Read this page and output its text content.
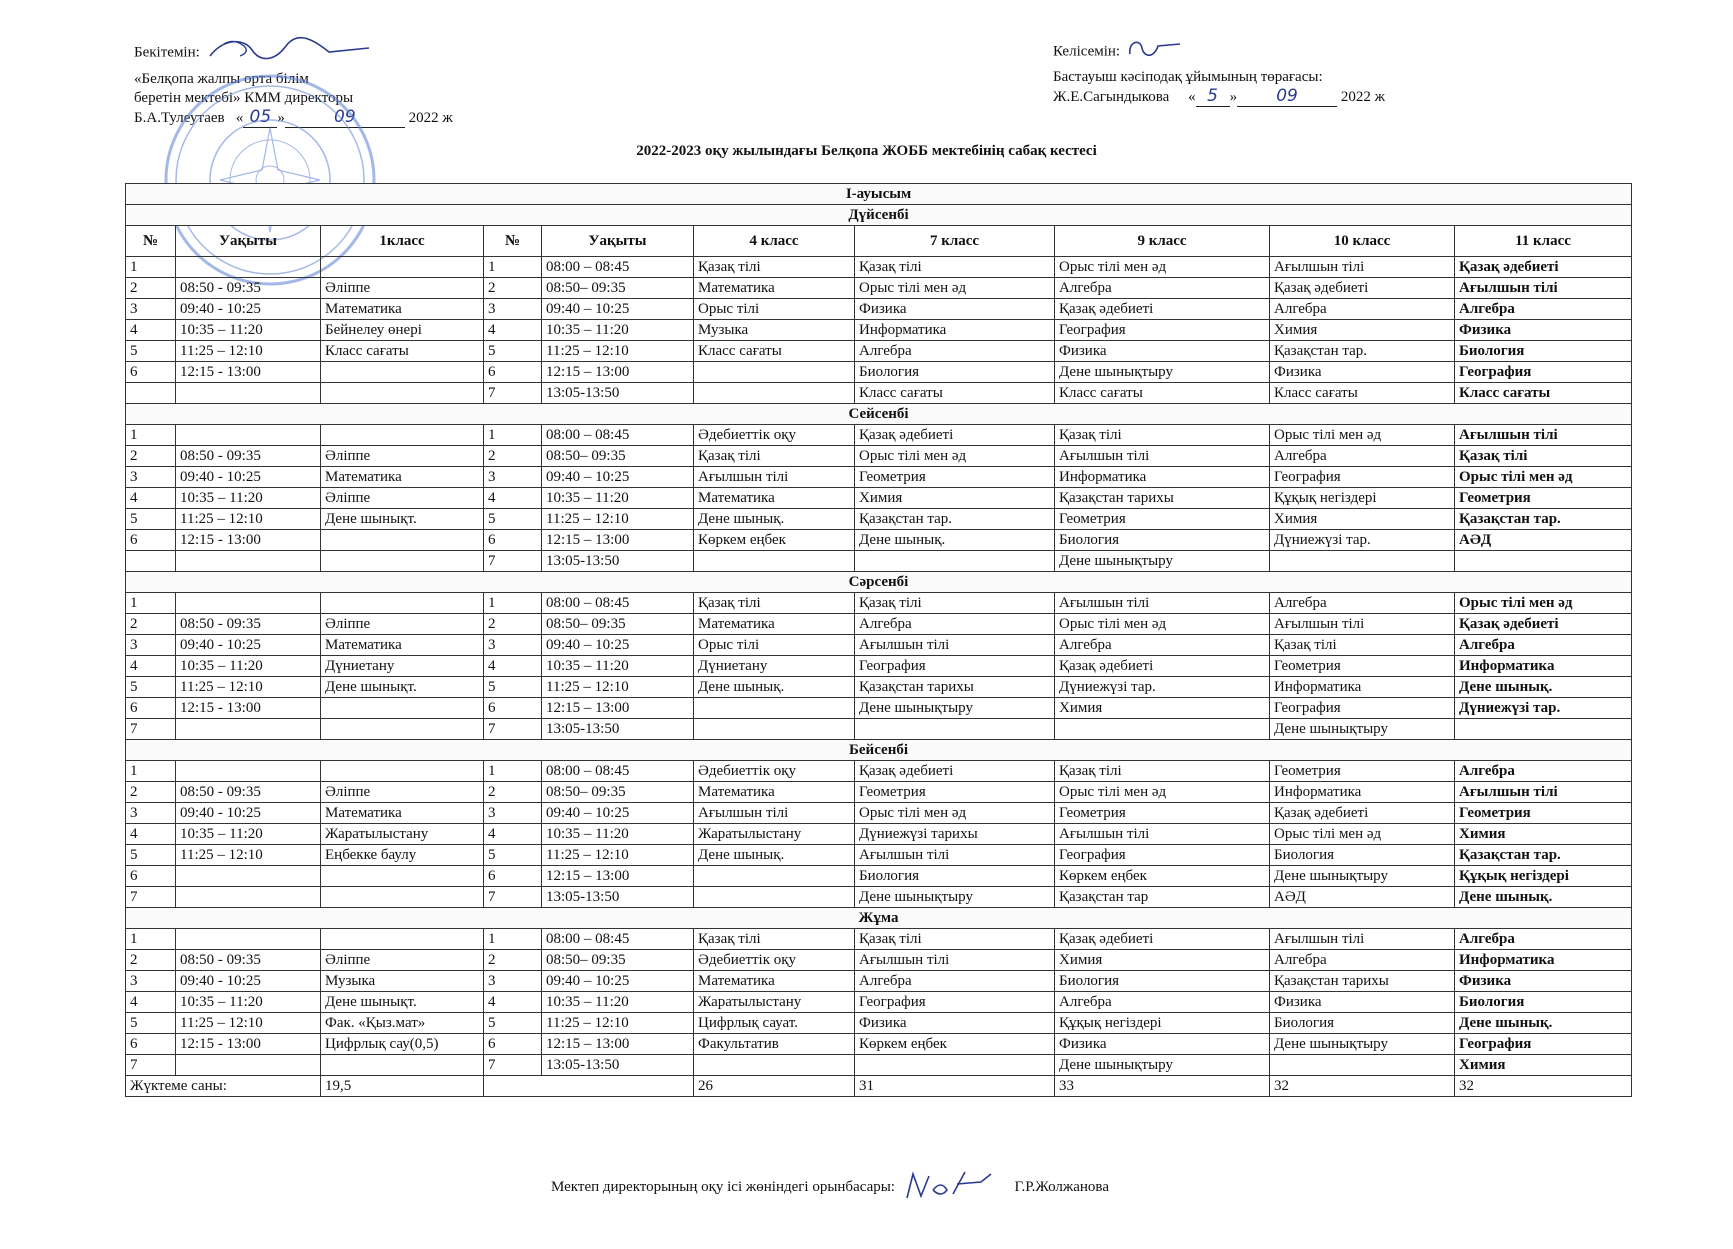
Бекітемін:
«Белқопа жалпы орта білім
беретін мектебі» КММ директоры
Б.А.Тулеутаев   « 05 »	09	2022 ж
Келісемін:
Бастауыш кәсіподақ ұйымының төрағасы:
Ж.Е.Сагындыкова     « 5 » 09	2022 ж
2022-2023 оқу жылындағы Белқопа ЖОББ мектебінің сабақ кестесі
І-ауысым									
Дүйсенбі									
№	Уақыты	1класс	№	Уақыты	4 класс	7 класс	9 класс	10 класс	11 класс
1			1	08:00 – 08:45	Қазақ тілі	Қазақ тілі	Орыс тілі мен әд	Ағылшын тілі	Қазақ әдебиеті
2	08:50 - 09:35	Әліппе	2	08:50– 09:35	Математика	Орыс тілі мен әд	Алгебра	Қазақ әдебиеті	Ағылшын тілі
3	09:40 - 10:25	Математика	3	09:40 – 10:25	Орыс тілі	Физика	Қазақ әдебиеті	Алгебра	Алгебра
4	10:35 – 11:20	Бейнелеу өнері	4	10:35 – 11:20	Музыка	Информатика	География	Химия	Физика
5	11:25 – 12:10	Класс сағаты	5	11:25 – 12:10	Класс сағаты	Алгебра	Физика	Қазақстан тар.	Биология
6	12:15 - 13:00		6	12:15 – 13:00		Биология	Дене шынықтыру	Физика	География
			7	13:05-13:50		Класс сағаты	Класс сағаты	Класс сағаты	Класс сағаты
Сейсенбі									
1			1	08:00 – 08:45	Әдебиеттік оқу	Қазақ әдебиеті	Қазақ тілі	Орыс тілі мен әд	Ағылшын тілі
2	08:50 - 09:35	Әліппе	2	08:50– 09:35	Қазақ тілі	Орыс тілі мен әд	Ағылшын тілі	Алгебра	Қазақ тілі
3	09:40 - 10:25	Математика	3	09:40 – 10:25	Ағылшын тілі	Геометрия	Информатика	География	Орыс тілі мен әд
4	10:35 – 11:20	Әліппе	4	10:35 – 11:20	Математика	Химия	Қазақстан тарихы	Құқық негіздері	Геометрия
5	11:25 – 12:10	Дене шынықт.	5	11:25 – 12:10	Дене шынық.	Қазақстан тар.	Геометрия	Химия	Қазақстан тар.
6	12:15 - 13:00		6	12:15 – 13:00	Көркем еңбек	Дене шынық.	Биология	Дүниежүзі тар.	АӘД
			7	13:05-13:50			Дене шынықтыру		
Сәрсенбі									
1			1	08:00 – 08:45	Қазақ тілі	Қазақ тілі	Ағылшын тілі	Алгебра	Орыс тілі мен әд
2	08:50 - 09:35	Әліппе	2	08:50– 09:35	Математика	Алгебра	Орыс тілі мен әд	Ағылшын тілі	Қазақ әдебиеті
3	09:40 - 10:25	Математика	3	09:40 – 10:25	Орыс тілі	Ағылшын тілі	Алгебра	Қазақ тілі	Алгебра
4	10:35 – 11:20	Дүниетану	4	10:35 – 11:20	Дүниетану	География	Қазақ әдебиеті	Геометрия	Информатика
5	11:25 – 12:10	Дене шынықт.	5	11:25 – 12:10	Дене шынық.	Қазақстан тарихы	Дүниежүзі тар.	Информатика	Дене шынық.
6	12:15 - 13:00		6	12:15 – 13:00		Дене шынықтыру	Химия	География	Дүниежүзі тар.
7			7	13:05-13:50				Дене шынықтыру	
Бейсенбі									
1			1	08:00 – 08:45	Әдебиеттік оқу	Қазақ әдебиеті	Қазақ тілі	Геометрия	Алгебра
2	08:50 - 09:35	Әліппе	2	08:50– 09:35	Математика	Геометрия	Орыс тілі мен әд	Информатика	Ағылшын тілі
3	09:40 - 10:25	Математика	3	09:40 – 10:25	Ағылшын тілі	Орыс тілі мен әд	Геометрия	Қазақ әдебиеті	Геометрия
4	10:35 – 11:20	Жаратылыстану	4	10:35 – 11:20	Жаратылыстану	Дүниежүзі тарихы	Ағылшын тілі	Орыс тілі мен әд	Химия
5	11:25 – 12:10	Еңбекке баулу	5	11:25 – 12:10	Дене шынық.	Ағылшын тілі	География	Биология	Қазақстан тар.
6			6	12:15 – 13:00		Биология	Көркем еңбек	Дене шынықтыру	Құқық негіздері
7			7	13:05-13:50		Дене шынықтыру	Қазақстан тар	АӘД	Дене шынық.
Жұма									
1			1	08:00 – 08:45	Қазақ тілі	Қазақ тілі	Қазақ әдебиеті	Ағылшын тілі	Алгебра
2	08:50 - 09:35	Әліппе	2	08:50– 09:35	Әдебиеттік оқу	Ағылшын тілі	Химия	Алгебра	Информатика
3	09:40 - 10:25	Музыка	3	09:40 – 10:25	Математика	Алгебра	Биология	Қазақстан тарихы	Физика
4	10:35 – 11:20	Дене шынықт.	4	10:35 – 11:20	Жаратылыстану	География	Алгебра	Физика	Биология
5	11:25 – 12:10	Фак. «Қыз.мат»	5	11:25 – 12:10	Цифрлық сауат.	Физика	Құқық негіздері	Биология	Дене шынық.
6	12:15 - 13:00	Цифрлық сау(0,5)	6	12:15 – 13:00	Факультатив	Көркем еңбек	Физика	Дене шынықтыру	География
7			7	13:05-13:50			Дене шынықтыру		Химия
Жүктеме саны:		19,5			26	31	33	32	32
Мектеп директорының оқу ісі жөніндегі орынбасары:	Г.Р.Жолжанова
